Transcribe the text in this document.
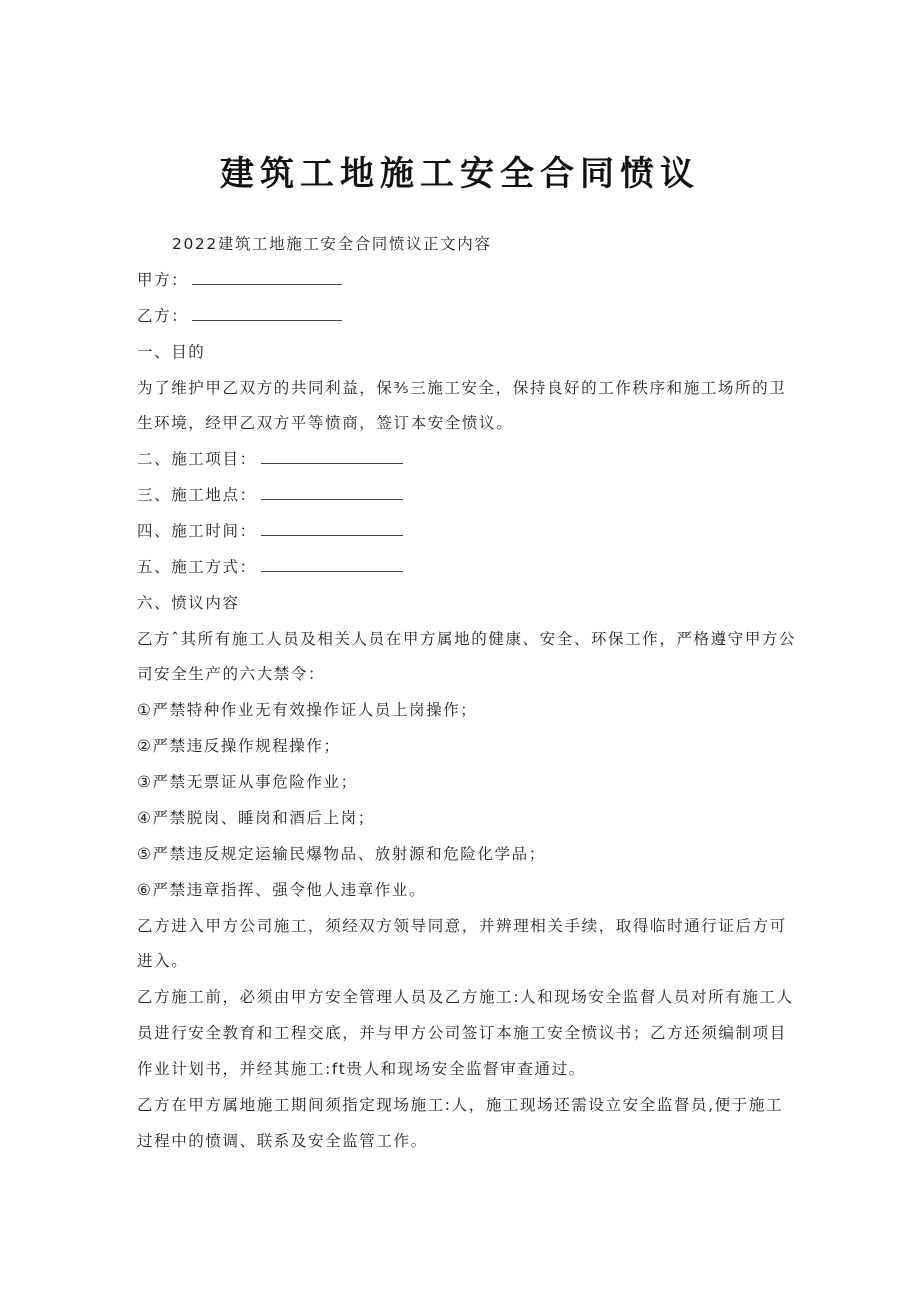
建筑工地施工安全合同愤议
2022建筑工地施工安全合同愤议正文内容
甲方：
乙方：
一、目的
为了维护甲乙双方的共同利益，保⅗三施工安全，保持良好的工作秩序和施工场所的卫
生环境，经甲乙双方平等愤商，签订本安全愤议。
二、施工项目：
三、施工地点：
四、施工时间：
五、施工方式：
六、愤议内容
乙方ˆ其所有施工人员及相关人员在甲方属地的健康、安全、环保工作，严格遵守甲方公
司安全生产的六大禁令：
①严禁特种作业无有效操作证人员上岗操作；
②严禁违反操作规程操作；
③严禁无票证从事危险作业；
④严禁脱岗、睡岗和酒后上岗；
⑤严禁违反规定运输民爆物品、放射源和危险化学品；
⑥严禁违章指挥、强令他人违章作业。
乙方进入甲方公司施工，须经双方领导同意，并辨理相关手续，取得临时通行证后方可
进入。
乙方施工前，必须由甲方安全管理人员及乙方施工:人和现场安全监督人员对所有施工人
员进行安全教育和工程交底，并与甲方公司签订本施工安全愤议书；乙方还须编制项目
作业计划书，并经其施工:ft贵人和现场安全监督审查通过。
乙方在甲方属地施工期间须指定现场施工:人，施工现场还需设立安全监督员,便于施工
过程中的愤调、联系及安全监管工作。
